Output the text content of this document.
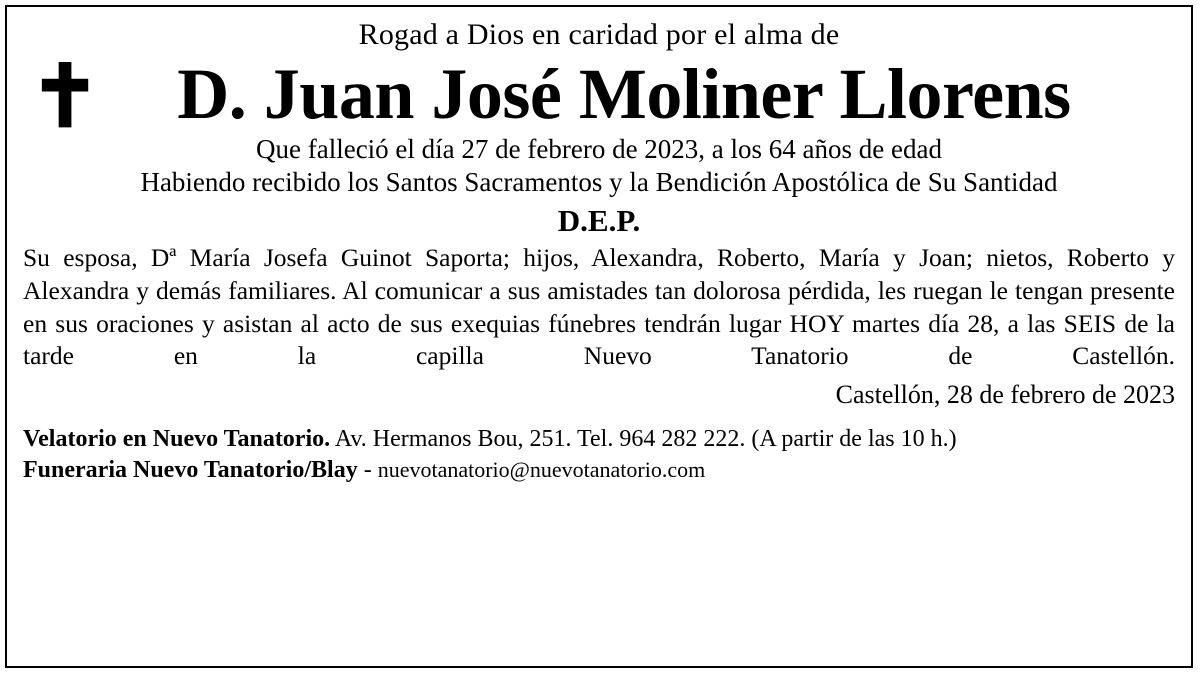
✝
Rogad a Dios en caridad por el alma de
D. Juan José Moliner Llorens
Que falleció el día 27 de febrero de 2023, a los 64 años de edad
Habiendo recibido los Santos Sacramentos y la Bendición Apostólica de Su Santidad
D.E.P.

Su esposa, Dª María Josefa Guinot Saporta; hijos, Alexandra, Roberto, María y Joan; nietos, Roberto y Alexandra y demás familiares. Al comunicar a sus amistades tan dolorosa pérdida, les ruegan le tengan presente en sus oraciones y asistan al acto de sus exequias fúnebres tendrán lugar HOY martes día 28, a las SEIS de la tarde en la capilla Nuevo Tanatorio de Castellón.

Castellón, 28 de febrero de 2023
Velatorio en Nuevo Tanatorio. Av. Hermanos Bou, 251. Tel. 964 282 222. (A partir de las 10 h.)
Funeraria Nuevo Tanatorio/Blay - nuevotanatorio@nuevotanatorio.com
